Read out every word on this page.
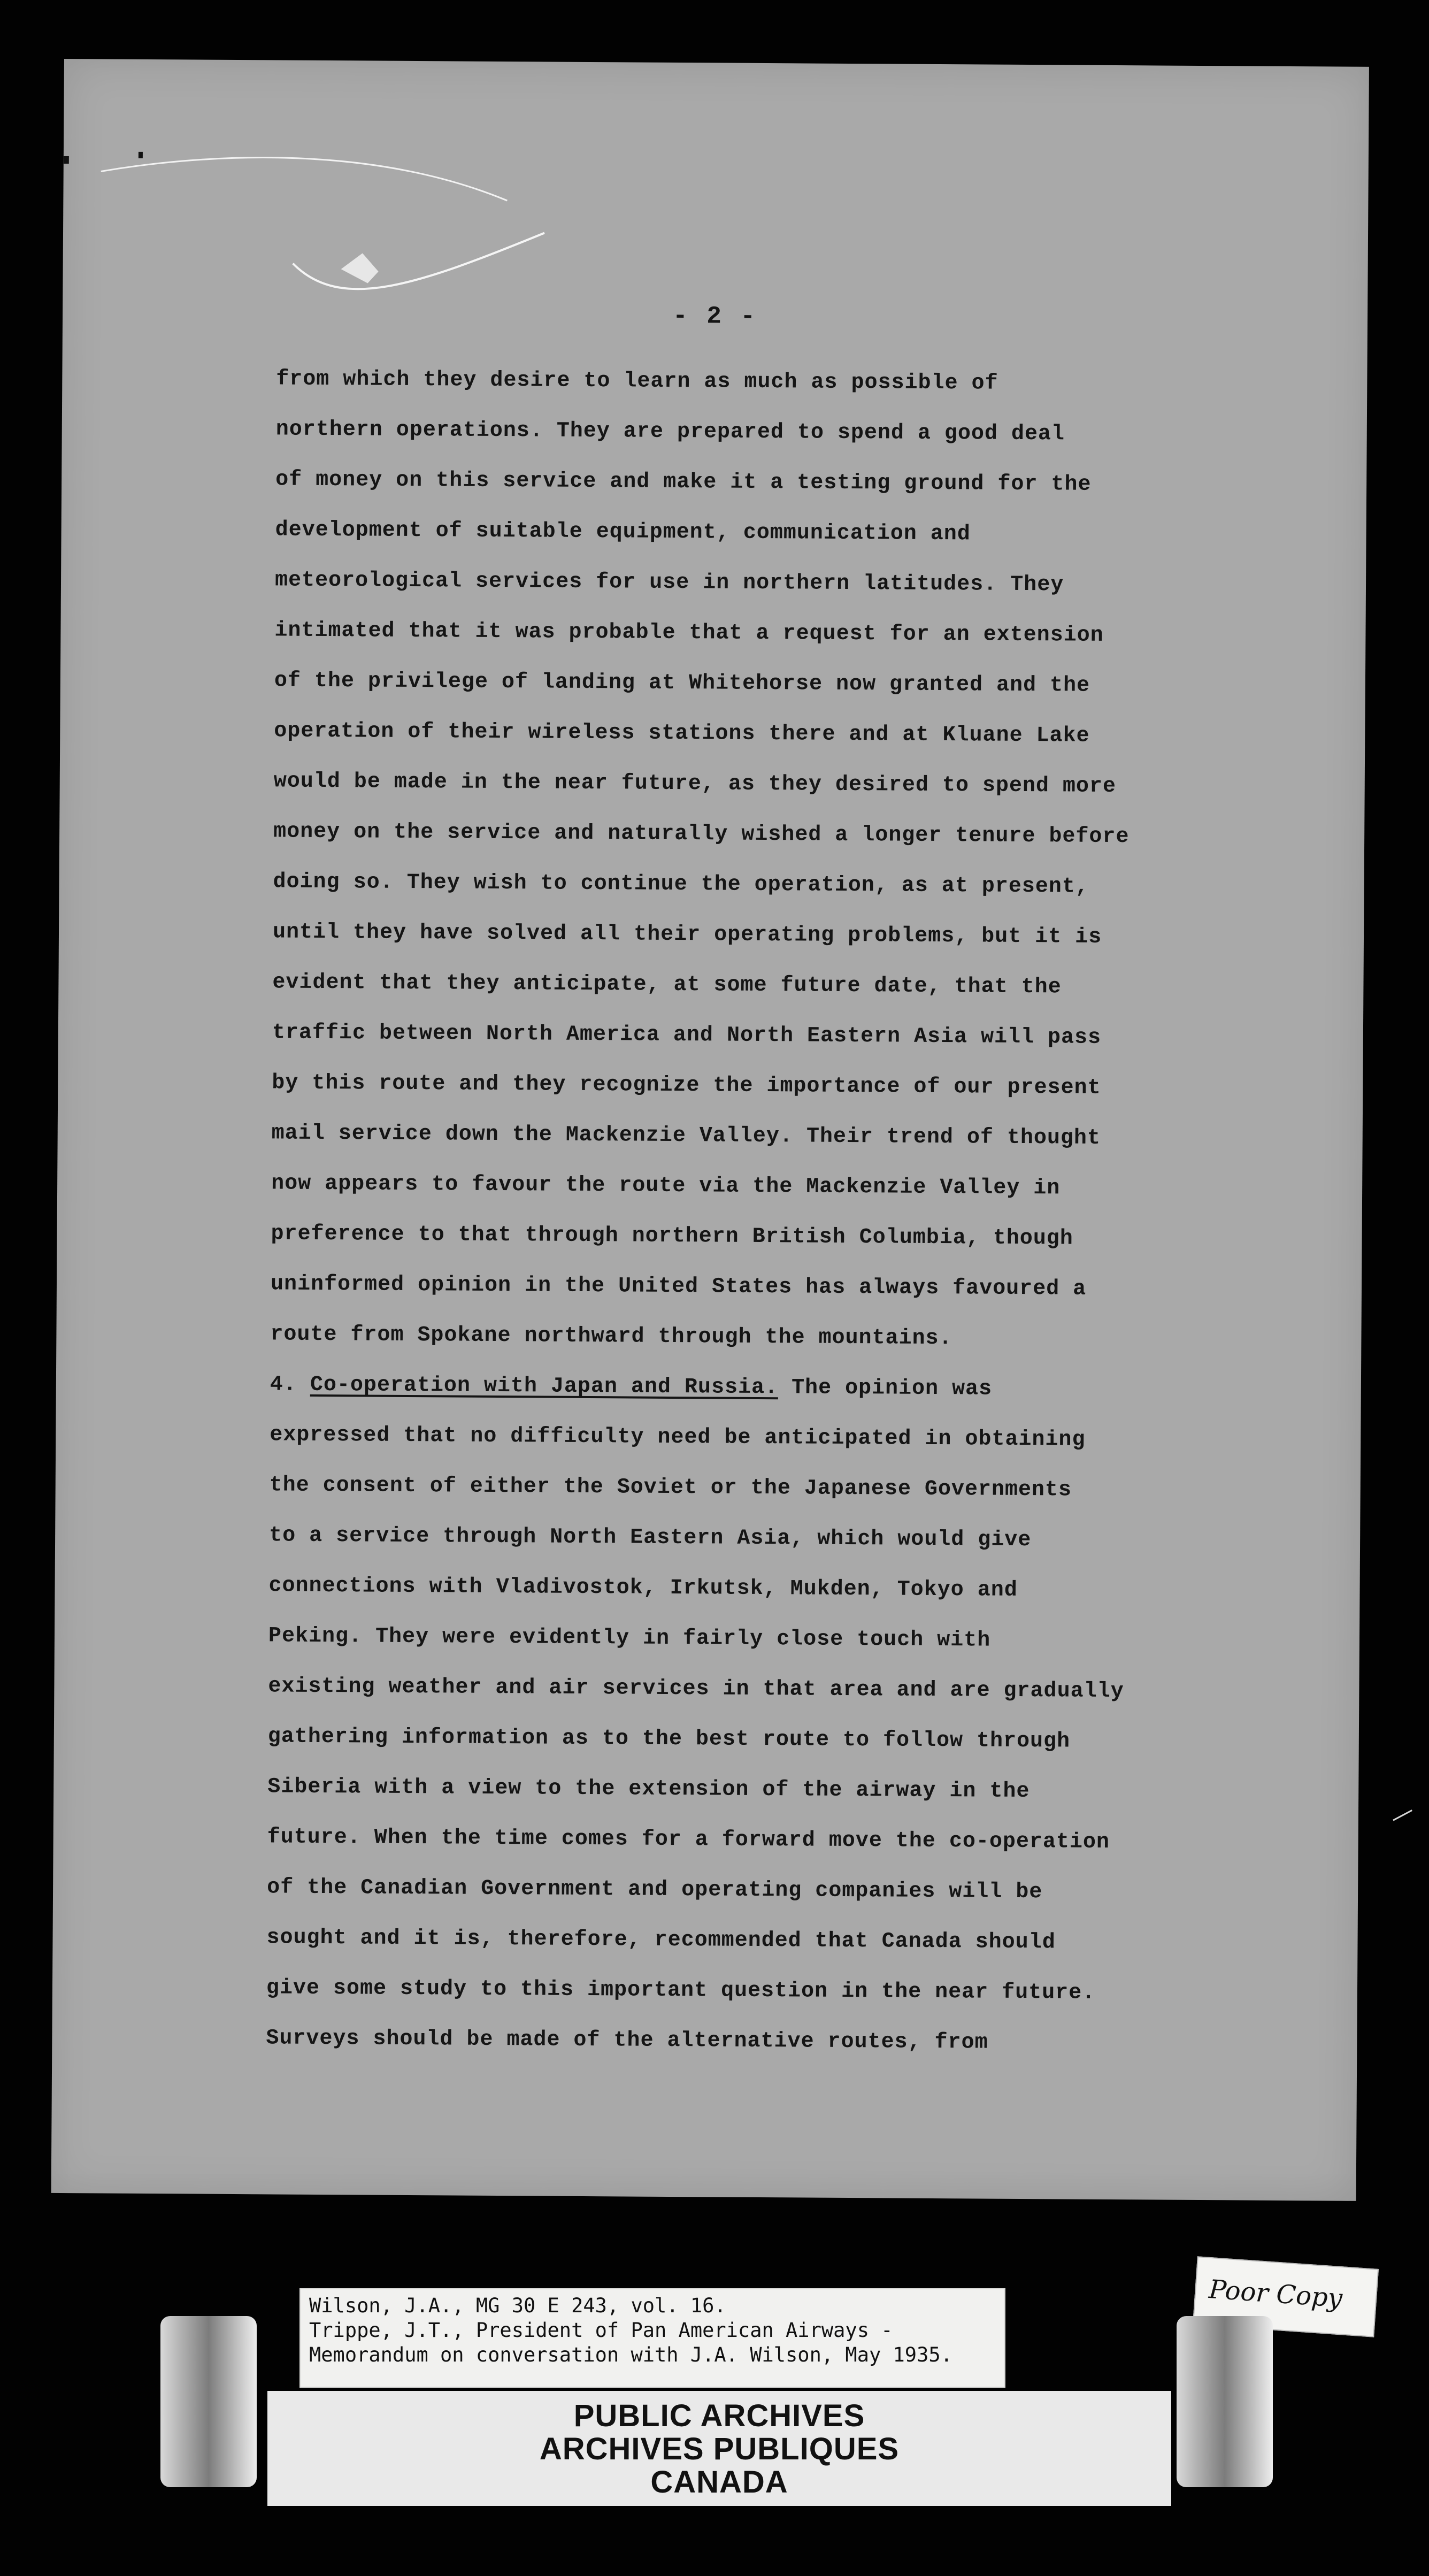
- 2 -
from which they desire to learn as much as possible of
northern operations. They are prepared to spend a good deal
of money on this service and make it a testing ground for the
development of suitable equipment, communication and
meteorological services for use in northern latitudes. They
intimated that it was probable that a request for an extension
of the privilege of landing at Whitehorse now granted and the
operation of their wireless stations there and at Kluane Lake
would be made in the near future, as they desired to spend more
money on the service and naturally wished a longer tenure before
doing so. They wish to continue the operation, as at present,
until they have solved all their operating problems, but it is
evident that they anticipate, at some future date, that the
traffic between North America and North Eastern Asia will pass
by this route and they recognize the importance of our present
mail service down the Mackenzie Valley. Their trend of thought
now appears to favour the route via the Mackenzie Valley in
preference to that through northern British Columbia, though
uninformed opinion in the United States has always favoured a
route from Spokane northward through the mountains.
4. Co-operation with Japan and Russia. The opinion was
expressed that no difficulty need be anticipated in obtaining
the consent of either the Soviet or the Japanese Governments
to a service through North Eastern Asia, which would give
connections with Vladivostok, Irkutsk, Mukden, Tokyo and
Peking. They were evidently in fairly close touch with
existing weather and air services in that area and are gradually
gathering information as to the best route to follow through
Siberia with a view to the extension of the airway in the
future. When the time comes for a forward move the co-operation
of the Canadian Government and operating companies will be
sought and it is, therefore, recommended that Canada should
give some study to this important question in the near future.
Surveys should be made of the alternative routes, from
Wilson, J.A., MG 30 E 243, vol. 16.
Trippe, J.T., President of Pan American Airways -
Memorandum on conversation with J.A. Wilson, May 1935.
Poor Copy
PUBLIC ARCHIVES
ARCHIVES PUBLIQUES
CANADA
